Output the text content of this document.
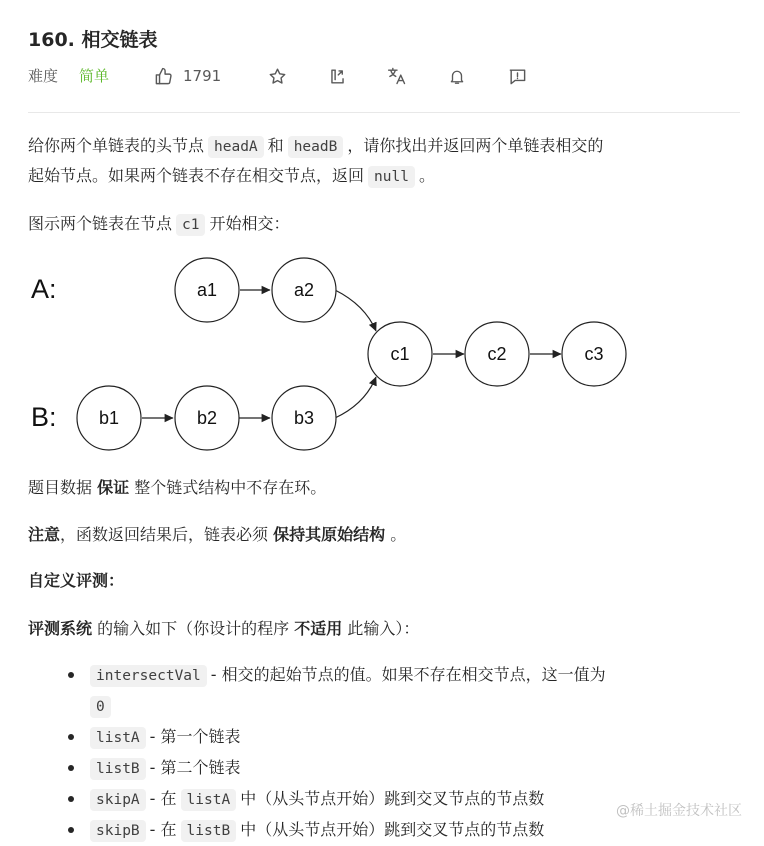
160. 相交链表
难度 简单	1791
给你两个单链表的头节点 headA 和 headB ，请你找出并返回两个单链表相交的
起始节点。如果两个链表不存在相交节点，返回 null 。
图示两个链表在节点 c1 开始相交：
A:
B:
a1	a2
b1	b2	b3
c1	c2	c3
题目数据 保证 整个链式结构中不存在环。
注意，函数返回结果后，链表必须 保持其原始结构 。
自定义评测：
评测系统 的输入如下（你设计的程序 不适用 此输入）：
intersectVal - 相交的起始节点的值。如果不存在相交节点，这一值为
0
listA - 第一个链表
listB - 第二个链表
skipA - 在 listA 中（从头节点开始）跳到交叉节点的节点数
skipB - 在 listB 中（从头节点开始）跳到交叉节点的节点数
@稀土掘金技术社区
